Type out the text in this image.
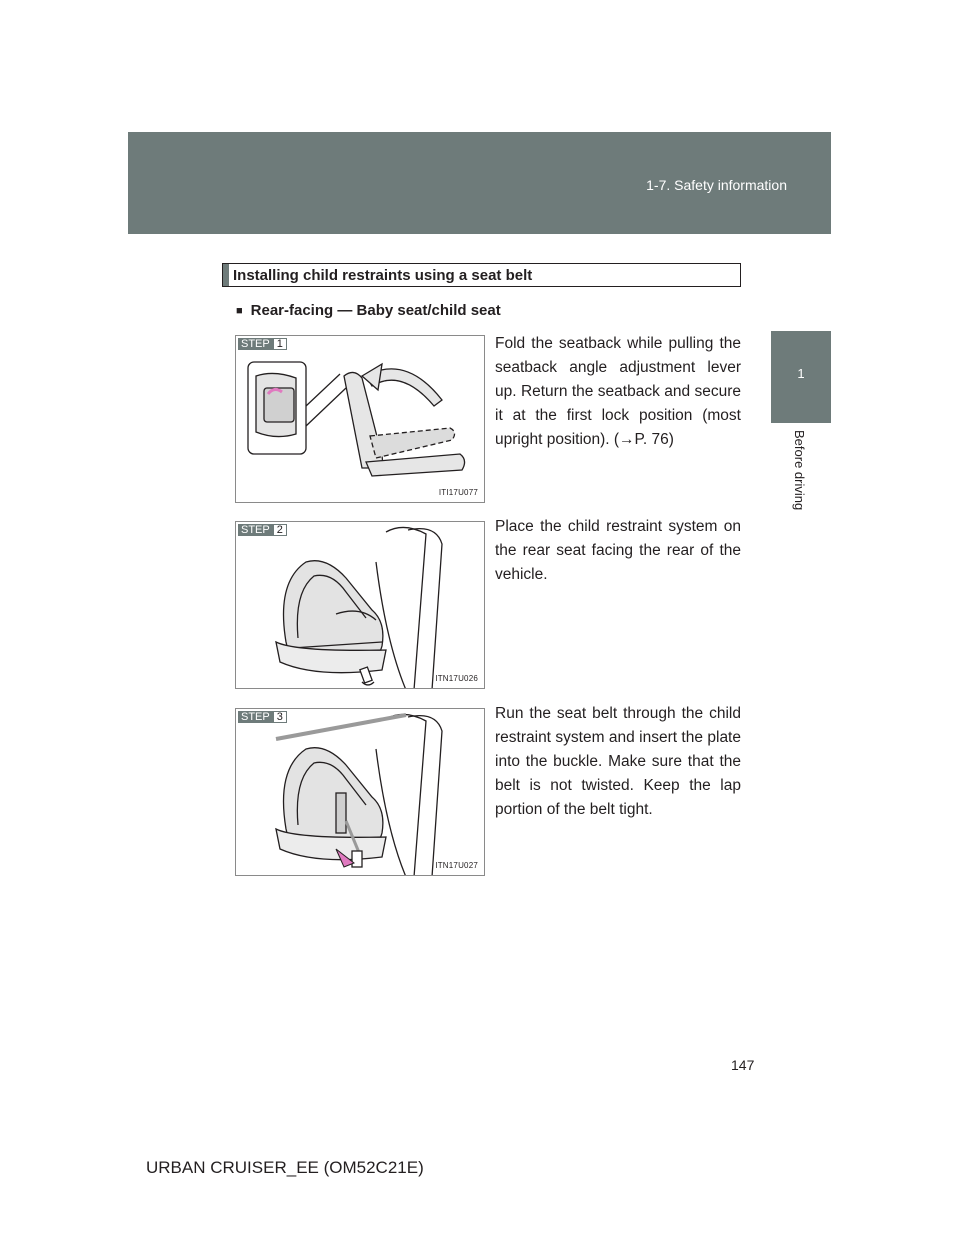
1-7. Safety information
1
Before driving
Installing child restraints using a seat belt
■ Rear-facing — Baby seat/child seat
STEP 1
ITI17U077
Fold the seatback while pulling the seatback angle adjustment lever up. Return the seatback and secure it at the first lock position (most upright position). (→P. 76)
STEP 2
ITN17U026
Place the child restraint system on the rear seat facing the rear of the vehicle.
STEP 3
ITN17U027
Run the seat belt through the child restraint system and insert the plate into the buckle. Make sure that the belt is not twisted. Keep the lap portion of the belt tight.
147
URBAN CRUISER_EE (OM52C21E)
